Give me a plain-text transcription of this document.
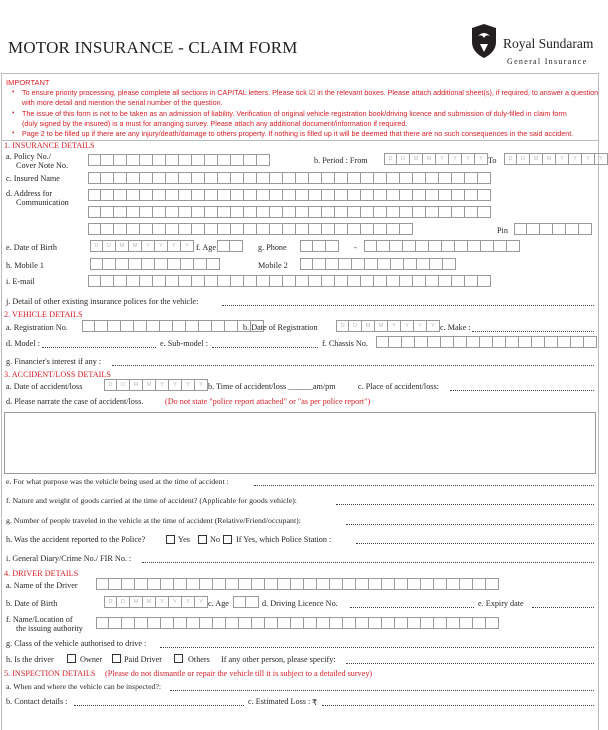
MOTOR INSURANCE - CLAIM FORM	Royal Sundaram
General Insurance
IMPORTANT
• To ensure priority processing, please complete all sections in CAPITAL letters. Please tick ☑ in the relevant boxes. Please attach additional sheet(s), if required, to answer a question
with more detail and mention the serial number of the question.
• The issue of this form is not to be taken as an admission of liability. Verification of original vehicle registration book/driving licence and submission of duly-filled in claim form
(duly signed by the insured) is a must for arranging survey. Please attach any additional document/information if required.
• Page 2 to be filled up if there are any injury/death/damage to others property. If nothing is filled up it will be deemed that there are no such consequences in the said accident.
1. INSURANCE DETAILS
a. Policy No./
Cover Note No.
b. Period : From	D	D	M	M	Y	Y	Y	Y To	D	D	M	M	Y	Y	Y	Y
c. Insured Name
d. Address for
Communication
Pin
e. Date of Birth	D	D	M	M	Y	Y	Y	Y f. Age	g. Phone	-
h. Mobile 1	Mobile 2
i. E-mail
j. Detail of other existing insurance polices for the vehicle:
2. VEHICLE DETAILS
a. Registration No.	b. Date of Registration	D	D	M	M	Y	Y	Y	Y c. Make :
d. Model :	e. Sub-model :	f. Chassis No.
g. Financier's interest if any :
3. ACCIDENT/LOSS DETAILS
a. Date of accident/loss	D	D	M	M	Y	Y	Y	Y b. Time of accident/loss ______am/pm	c. Place of accident/loss:
d. Please narrate the case of accident/loss.	(Do not state "police report attached" or "as per police report")
e. For what purpose was the vehicle being used at the time of accident :
f. Nature and weight of goods carried at the time of accident? (Applicable for goods vehicle):
g. Number of people traveled in the vehicle at the time of accident (Relative/Friend/occupant):
h. Was the accident reported to the Police?	Yes No If Yes, which Police Station :
i. General Diary/Crime No./ FIR No. :
4. DRIVER DETAILS
a. Name of the Driver
b. Date of Birth	D	D	M	M	Y	Y	Y	Y c. Age	d. Driving Licence No.	e. Expiry date
f. Name/Location of
the issuing authority
g. Class of the vehicle authorised to drive :
h. Is the driver	Owner	Paid Driver	Others If any other person, please specify:
5. INSPECTION DETAILS (Please do not dismantle or repair the vehicle till it is subject to a detailed survey)
a. When and where the vehicle can be inspected?:
b. Contact details :	c. Estimated Loss : ₹
